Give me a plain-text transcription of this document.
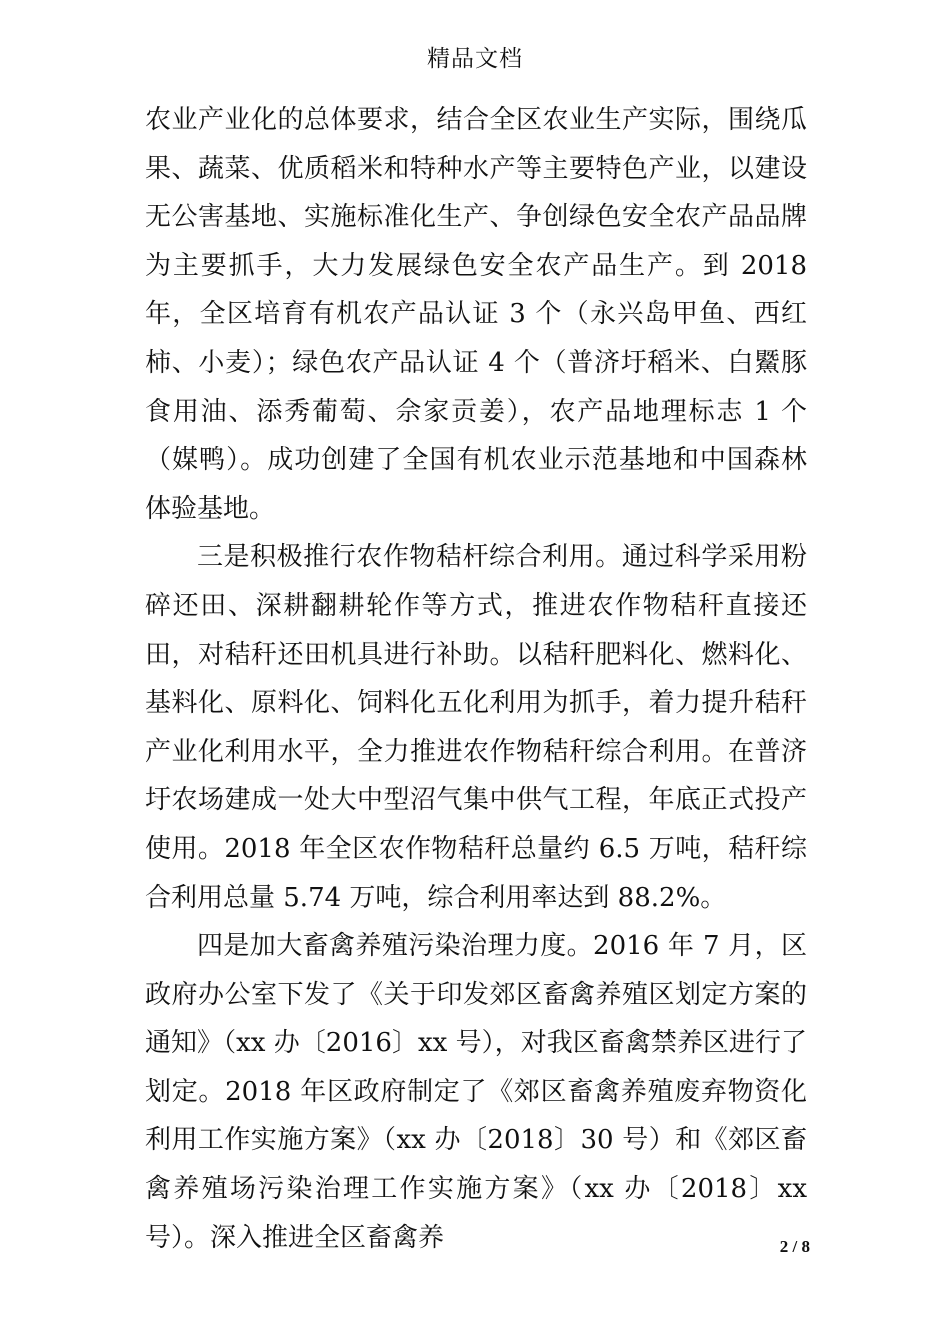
精品文档

农业产业化的总体要求，结合全区农业生产实际，围绕瓜果、蔬菜、优质稻米和特种水产等主要特色产业，以建设无公害基地、实施标准化生产、争创绿色安全农产品品牌为主要抓手，大力发展绿色安全农产品生产。到 2018 年，全区培育有机农产品认证 3 个（永兴岛甲鱼、西红柿、小麦）；绿色农产品认证 4 个（普济圩稻米、白鱀豚食用油、添秀葡萄、佘家贡姜），农产品地理标志 1 个（媒鸭）。成功创建了全国有机农业示范基地和中国森林体验基地。

三是积极推行农作物秸杆综合利用。通过科学采用粉碎还田、深耕翻耕轮作等方式，推进农作物秸秆直接还田，对秸秆还田机具进行补助。以秸秆肥料化、燃料化、基料化、原料化、饲料化五化利用为抓手，着力提升秸秆产业化利用水平，全力推进农作物秸秆综合利用。在普济圩农场建成一处大中型沼气集中供气工程，年底正式投产使用。2018 年全区农作物秸秆总量约 6.5 万吨，秸秆综合利用总量 5.74 万吨，综合利用率达到 88.2%。

四是加大畜禽养殖污染治理力度。2016 年 7 月，区政府办公室下发了《关于印发郊区畜禽养殖区划定方案的通知》（xx 办〔2016〕xx 号），对我区畜禽禁养区进行了划定。2018 年区政府制定了《郊区畜禽养殖废弃物资化利用工作实施方案》（xx 办〔2018〕30 号）和《郊区畜禽养殖场污染治理工作实施方案》（xx 办〔2018〕xx 号）。深入推进全区畜禽养	2 / 8
